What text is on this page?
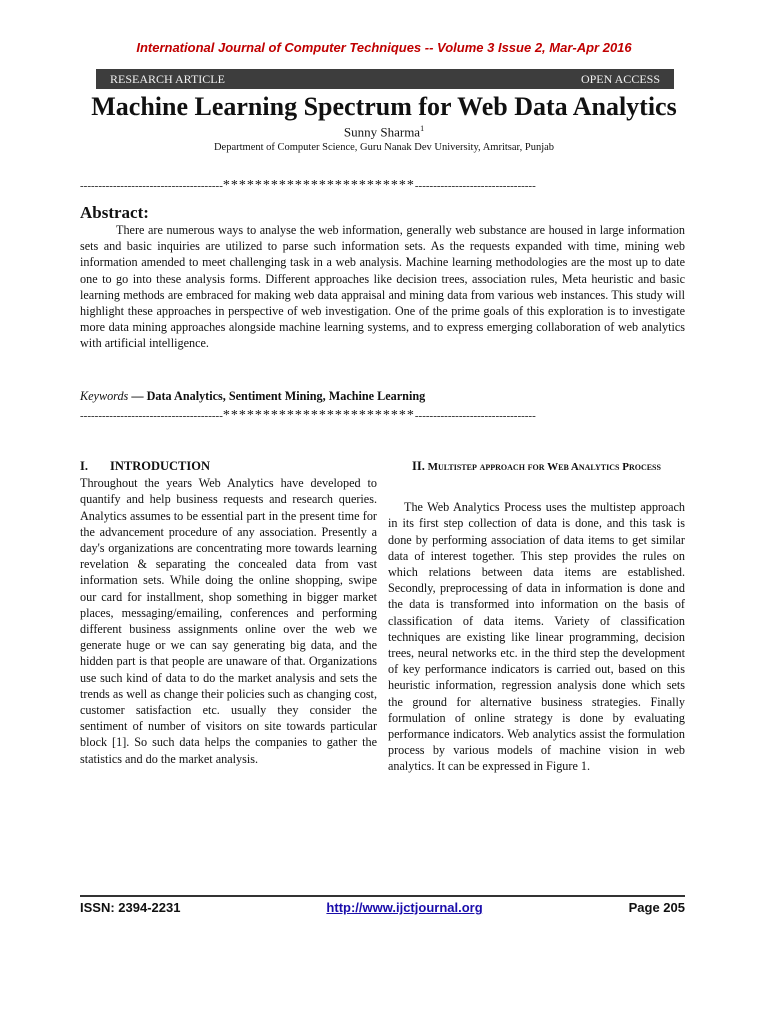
International Journal of Computer Techniques -- Volume 3 Issue 2, Mar-Apr 2016
RESEARCH ARTICLE	OPEN ACCESS
Machine Learning Spectrum for Web Data Analytics
Sunny Sharma$^1$
Department of Computer Science, Guru Nanak Dev University, Amritsar, Punjab
---------------------------------------************************---------------------------------
Abstract:
There are numerous ways to analyse the web information, generally web substance are housed in large information sets and basic inquiries are utilized to parse such information sets. As the requests expanded with time, mining web information amended to meet challenging task in a web analysis. Machine learning methodologies are the most up to date one to go into these analysis forms. Different approaches like decision trees, association rules, Meta heuristic and basic learning methods are embraced for making web data appraisal and mining data from various web instances. This study will highlight these approaches in perspective of web investigation. One of the prime goals of this exploration is to investigate more data mining approaches alongside machine learning systems, and to express emerging collaboration of web analytics with artificial intelligence.
Keywords — Data Analytics, Sentiment Mining, Machine Learning
---------------------------------------************************---------------------------------
I. INTRODUCTION
Throughout the years Web Analytics have developed to quantify and help business requests and research queries. Analytics assumes to be essential part in the present time for the advancement procedure of any association. Presently a day's organizations are concentrating more towards learning revelation & separating the concealed data from vast information sets. While doing the online shopping, swipe our card for installment, shop something in bigger market places, messaging/emailing, conferences and performing different business assignments online over the web we generate huge or we can say generating big data, and the hidden part is that people are unaware of that. Organizations use such kind of data to do the market analysis and sets the trends as well as change their policies such as changing cost, customer satisfaction etc. usually they consider the sentiment of number of visitors on site towards particular block [1]. So such data helps the companies to gather the statistics and do the market analysis.
II. Multistep approach for Web Analytics Process
The Web Analytics Process uses the multistep approach in its first step collection of data is done, and this task is done by performing association of data items to get similar data of interest together. This step provides the rules on which relations between data items are established. Secondly, preprocessing of data in information is done and the data is transformed into information on the basis of classification of data items. Variety of classification techniques are existing like linear programming, decision trees, neural networks etc. in the third step the development of key performance indicators is carried out, based on this heuristic information, regression analysis done which sets the ground for alternative business strategies. Finally formulation of online strategy is done by evaluating performance indicators. Web analytics assist the formulation process by various models of machine vision in web analytics. It can be expressed in Figure 1.
ISSN: 2394-2231	http://www.ijctjournal.org	Page 205
